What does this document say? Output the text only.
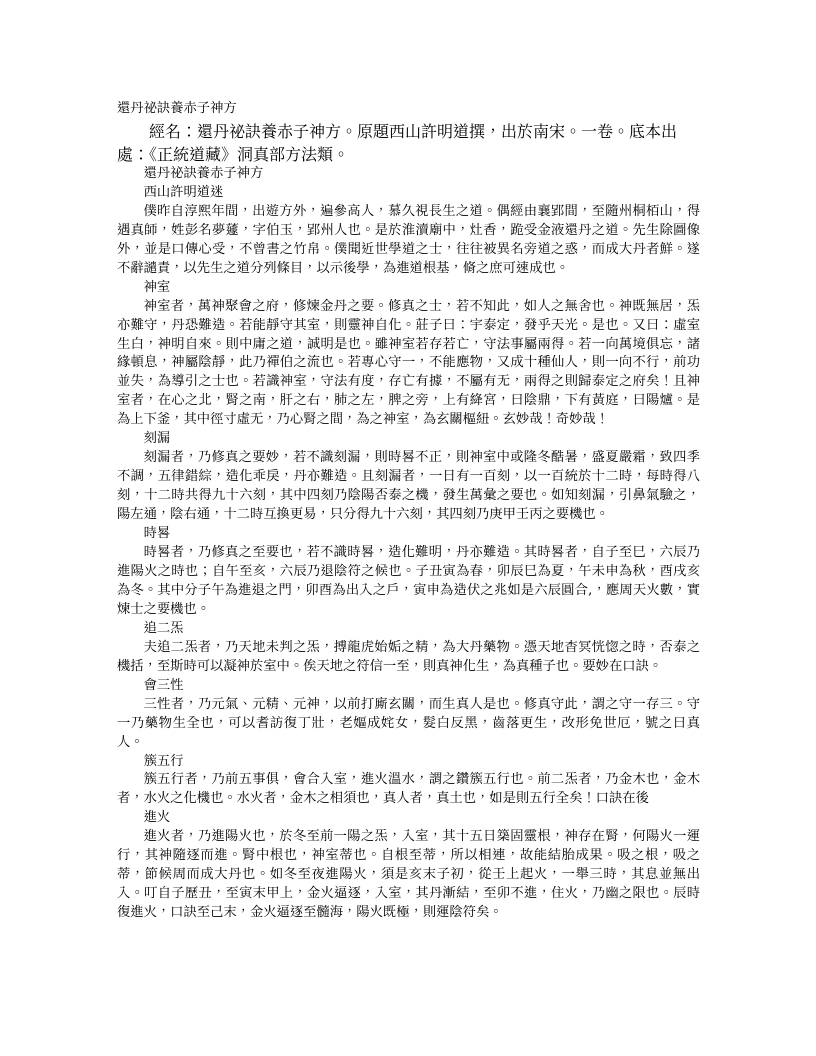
還丹祕訣養赤子神方
經名：還丹祕訣養赤子神方。原題西山許明道撰，出於南宋。一卷。底本出處：《正統道藏》洞真部方法類。
還丹祕訣養赤子神方
西山許明道迷
僕昨自淳熙年間，出遊方外，遍參高人，慕久視長生之道。偶經由襄郢間，至隨州桐栢山，得遇真師，姓彭名夢蘧，字伯玉，郢州人也。是於淮瀆廟中，灶香，跪受金液還丹之道。先生除圖像外，並是口傳心受，不曾書之竹帛。僕聞近世學道之士，往往被異名旁道之惑，而成大丹者鮮。遂不辭譴責，以先生之道分列條目，以示後學，為進道根基，脩之庶可速成也。
神室
神室者，萬神聚會之府，修煉金丹之要。修真之士，若不知此，如人之無舍也。神既無居，炁亦難守，丹恐難造。若能靜守其室，則靈神自化。莊子曰：宇泰定，發乎天光。是也。又曰：虛室生白，神明自來。則中庸之道，誠明是也。雖神室若存若亡，守法事屬兩得。若一向萬境俱忘，諸緣頓息，神屬陰靜，此乃禪伯之流也。若專心守一，不能應物，又成十種仙人，則一向不行，前功並失，為導引之士也。若識神室，守法有度，存亡有據，不屬有无，兩得之則歸泰定之府矣！且神室者，在心之北，腎之南，肝之右，肺之左，脾之旁，上有絳宮，曰陰鼎，下有黃庭，曰陽爐。是為上下釜，其中徑寸虛无，乃心腎之間，為之神室，為玄關樞紐。玄妙哉！奇妙哉！
刻漏
刻漏者，乃修真之要妙，若不識刻漏，則時晷不正，則神室中或隆冬酷暑，盛夏嚴霜，致四季不調，五律錯綜，造化乖戾，丹亦難造。且刻漏者，一日有一百刻，以一百統於十二時，每時得八刻，十二時共得九十六刻，其中四刻乃陰陽否泰之機，發生萬彙之要也。如知刻漏，引鼻氣驗之，陽左通，陰右通，十二時互換更易，只分得九十六刻，其四刻乃庚甲壬丙之要機也。
時晷
時晷者，乃修真之至要也，若不識時晷，造化難明，丹亦難造。其時晷者，自子至巳，六辰乃進陽火之時也；自午至亥，六辰乃退陰符之候也。子丑寅為春，卯辰巳為夏，午未申為秋，酉戌亥為冬。其中分子午為進退之門，卯酉為出入之戶，寅申為造伏之兆如是六辰圓合,，應周天火數，實煉士之要機也。
追二炁
夫追二炁者，乃天地未判之炁，搏龍虎始姤之精，為大丹藥物。憑天地杳冥恍惚之時，否泰之機括，至斯時可以凝神於室中。俟天地之符信一至，則真神化生，為真種子也。要妙在口訣。
會三性
三性者，乃元氣、元精、元神，以前打廝玄關，而生真人是也。修真守此，謂之守一存三。守一乃藥物生全也，可以耆訪復丁壯，老嫗成姹女，髮白反黑，齒落更生，改形免世厄，號之曰真人。
簇五行
簇五行者，乃前五事俱，會合入室，進火溫水，謂之鑽簇五行也。前二炁者，乃金木也，金木者，水火之化機也。水火者，金木之相須也，真人者，真土也，如是則五行全矣！口訣在後
進火
進火者，乃進陽火也，於冬至前一陽之炁，入室，其十五日築固靈根，神存在腎，何陽火一運行，其神隨逐而進。腎中根也，神室蒂也。自根至蒂，所以相連，故能結胎成果。吸之根，吸之蒂，節候周而成大丹也。如冬至夜進陽火，須是亥末子初，從壬上起火，一舉三時，其息並無出入。叮自子歷丑，至寅末甲上，金火逼逐，入室，其丹漸結，至卯不進，住火，乃幽之限也。辰時復進火，口訣至己末，金火逼逐至髓海，陽火既極，則運陰符矣。
